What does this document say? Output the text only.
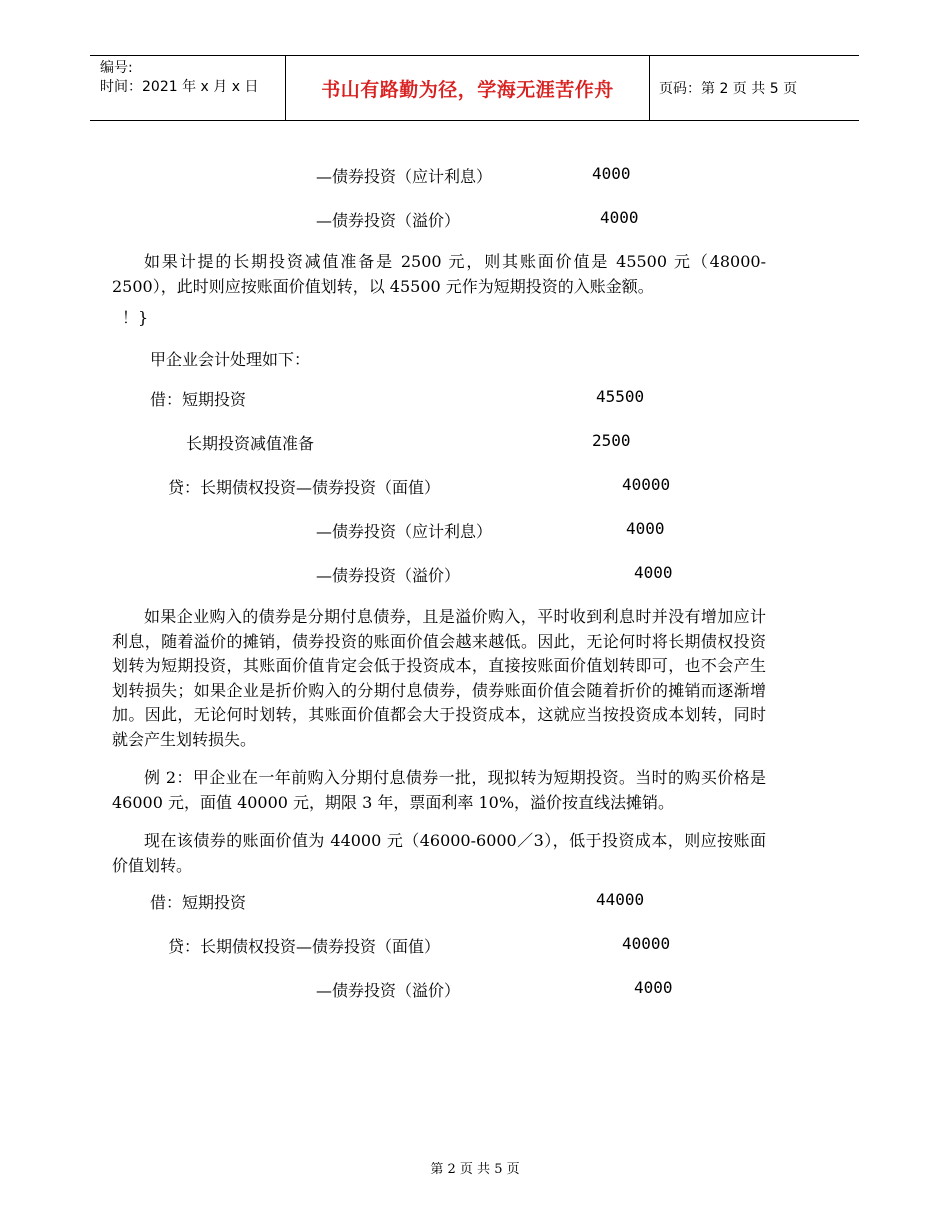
编号:
时间：2021 年 x 月 x 日	书山有路勤为径，学海无涯苦作舟	页码：第 2 页 共 5 页
—债券投资（应计利息）	4000
—债券投资（溢价）	4000

如果计提的长期投资减值准备是 2500 元，则其账面价值是 45500 元（48000-2500），此时则应按账面价值划转，以 45500 元作为短期投资的入账金额。

！}
甲企业会计处理如下：
借：短期投资	45500
长期投资减值准备	2500
贷：长期债权投资—债券投资（面值）	40000
—债券投资（应计利息）	4000
—债券投资（溢价）	4000

如果企业购入的债券是分期付息债券，且是溢价购入，平时收到利息时并没有增加应计利息，随着溢价的摊销，债券投资的账面价值会越来越低。因此，无论何时将长期债权投资划转为短期投资，其账面价值肯定会低于投资成本，直接按账面价值划转即可，也不会产生划转损失；如果企业是折价购入的分期付息债券，债券账面价值会随着折价的摊销而逐渐增加。因此，无论何时划转，其账面价值都会大于投资成本，这就应当按投资成本划转，同时就会产生划转损失。

例 2：甲企业在一年前购入分期付息债券一批，现拟转为短期投资。当时的购买价格是 46000 元，面值 40000 元，期限 3 年，票面利率 10%，溢价按直线法摊销。

现在该债券的账面价值为 44000 元（46000-6000／3），低于投资成本，则应按账面价值划转。

借：短期投资	44000
贷：长期债权投资—债券投资（面值）	40000
—债券投资（溢价）	4000
第 2 页 共 5 页
